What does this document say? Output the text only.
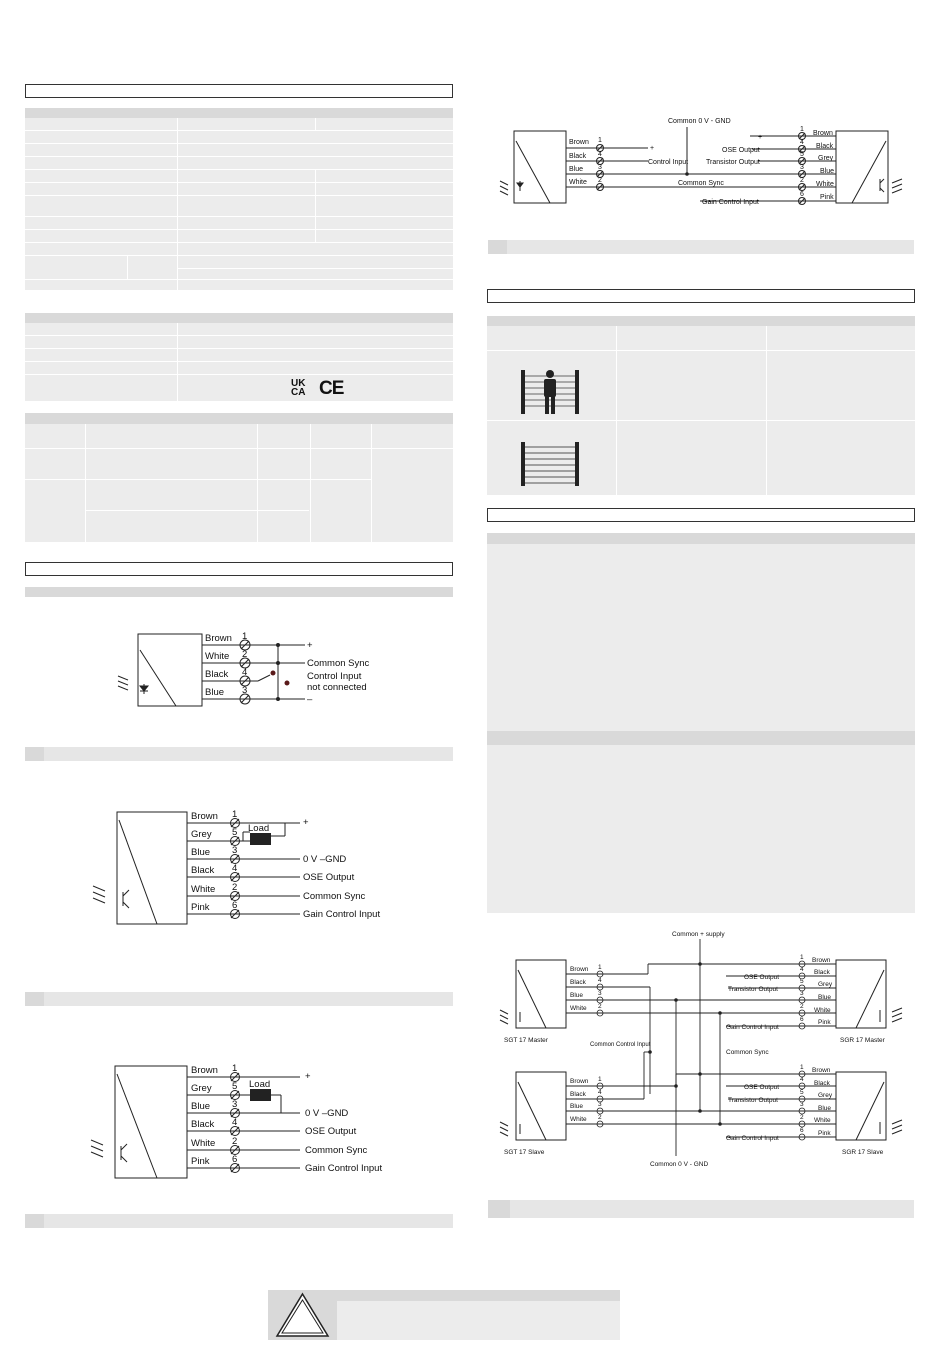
UK
CA CE
Brown
White
Black
Blue
1
2
4
3
+
Common Sync
Control Input
not connected
–
Load
Brown
Grey
Blue
Black
White
Pink
1
5
3
4
2
6
+
0 V –GND
OSE Output
Common Sync
Gain Control Input
Load
Brown
Grey
Blue
Black
White
Pink
1
5
3
4
2
6
+
0 V –GND
OSE Output
Common Sync
Gain Control Input
Common 0 V - GND
Brown
Black
Blue
White
1
4
3
2
+
Control Input
Common Sync
Brown
Black
Grey
Blue
White
Pink
1
4
5
3
2
6
+
OSE Output
Transistor Output
Gain Control Input
Common + supply
Common Sync
Common Control Input
Common 0 V - GND
SGT 17 Master	SGR 17 Master
SGT 17 Slave	SGR 17 Slave
Brown
Black
Blue
White
Brown
Black
Blue
White
1
4
3
2
1
4
3
2
Brown
Black
Grey
Blue
White
Pink
Brown
Black
Grey
Blue
White
Pink
1
4
5
3
2
6
1
4
5
3
2
6
OSE Output
Transistor Output
Gain Control Input
OSE Output
Transistor Output
Gain Control Input
